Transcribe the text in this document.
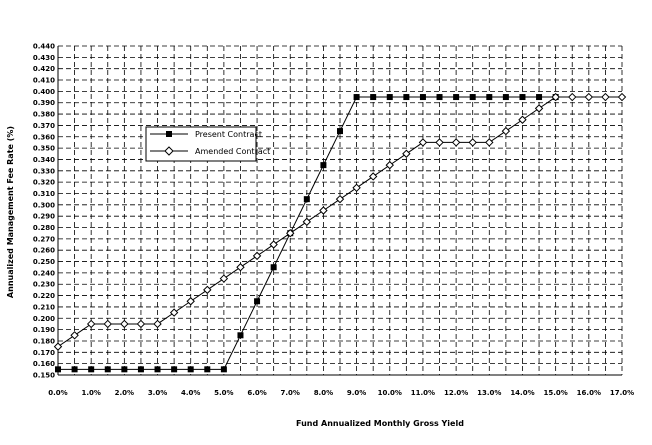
0.0% 1.0% 2.0% 3.0% 4.0% 5.0% 6.0% 7.0% 8.0% 9.0% 10.0% 11.0% 12.0% 13.0% 14.0% 15.0% 16.0% 17.0%
0.150
0.160
0.170
0.180
0.190
0.200
0.210
0.220
0.230
0.240
0.250
0.260
0.270
0.280
0.290
0.300
0.310
0.320
0.330
0.340
0.350
0.360
0.370
0.380
0.390
0.400
0.410
0.420
0.430
0.440
Fund Annualized Monthly Gross Yield
Annualized Management Fee Rate (%)	Present Contract
Amended Contract
